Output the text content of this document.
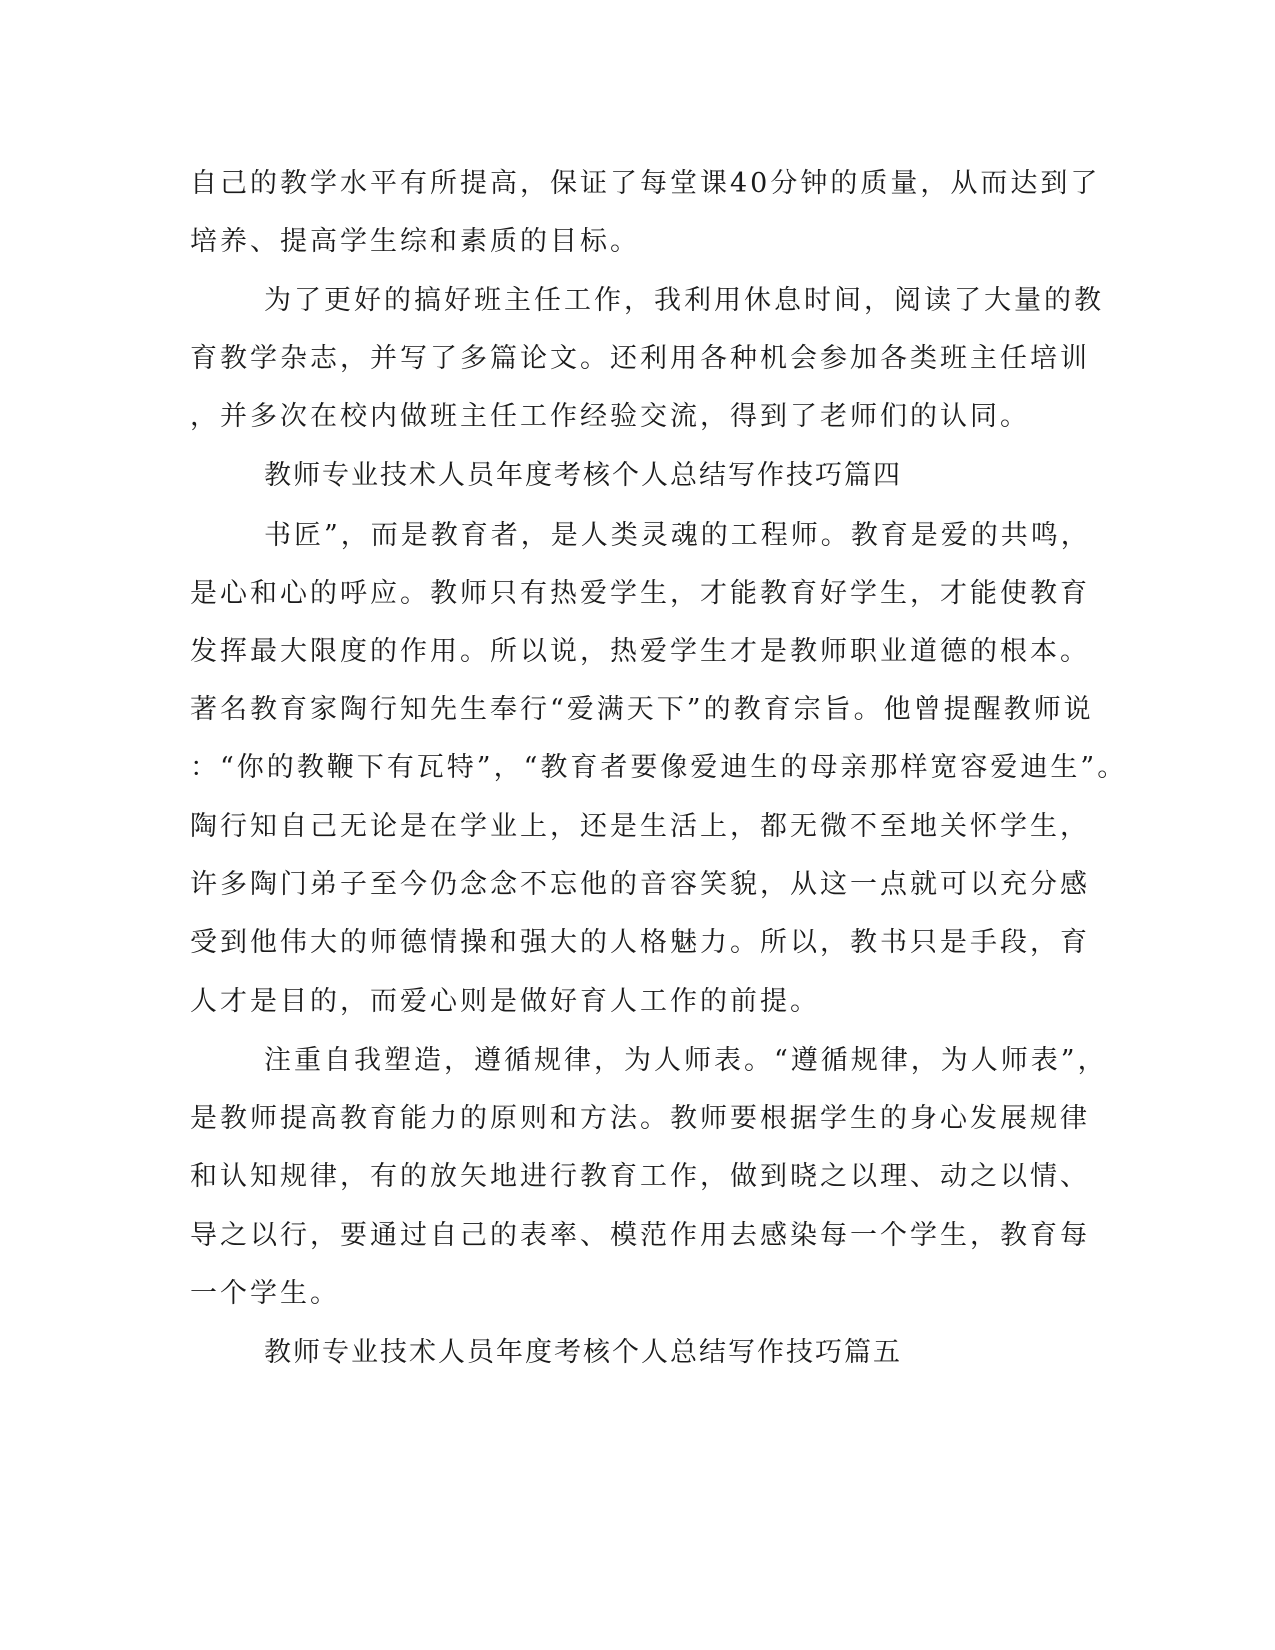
自己的教学水平有所提高，保证了每堂课40分钟的质量，从而达到了
培养、提高学生综和素质的目标。
为了更好的搞好班主任工作，我利用休息时间，阅读了大量的教
育教学杂志，并写了多篇论文。还利用各种机会参加各类班主任培训
，并多次在校内做班主任工作经验交流，得到了老师们的认同。
教师专业技术人员年度考核个人总结写作技巧篇四
书匠”，而是教育者，是人类灵魂的工程师。教育是爱的共鸣，
是心和心的呼应。教师只有热爱学生，才能教育好学生，才能使教育
发挥最大限度的作用。所以说，热爱学生才是教师职业道德的根本。
著名教育家陶行知先生奉行“爱满天下”的教育宗旨。他曾提醒教师说
：“你的教鞭下有瓦特”，“教育者要像爱迪生的母亲那样宽容爱迪生”。
陶行知自己无论是在学业上，还是生活上，都无微不至地关怀学生，
许多陶门弟子至今仍念念不忘他的音容笑貌，从这一点就可以充分感
受到他伟大的师德情操和强大的人格魅力。所以，教书只是手段，育
人才是目的，而爱心则是做好育人工作的前提。
注重自我塑造，遵循规律，为人师表。“遵循规律，为人师表”，
是教师提高教育能力的原则和方法。教师要根据学生的身心发展规律
和认知规律，有的放矢地进行教育工作，做到晓之以理、动之以情、
导之以行，要通过自己的表率、模范作用去感染每一个学生，教育每
一个学生。
教师专业技术人员年度考核个人总结写作技巧篇五
